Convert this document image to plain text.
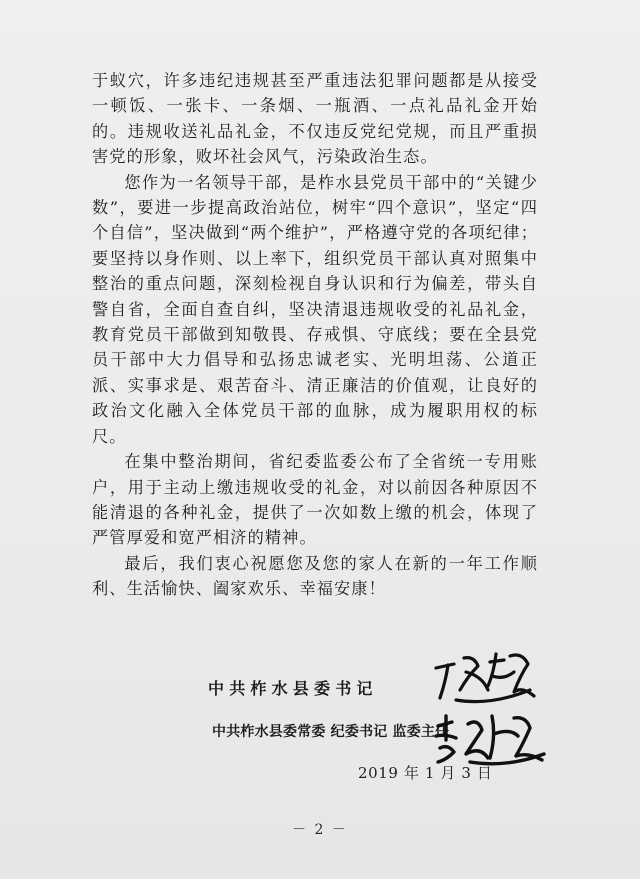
于蚁穴，许多违纪违规甚至严重违法犯罪问题都是从接受一顿饭、一张卡、一条烟、一瓶酒、一点礼品礼金开始的。违规收送礼品礼金，不仅违反党纪党规，而且严重损害党的形象，败坏社会风气，污染政治生态。

您作为一名领导干部，是柞水县党员干部中的“关键少数”，要进一步提高政治站位，树牢“四个意识”，坚定“四个自信”，坚决做到“两个维护”，严格遵守党的各项纪律；要坚持以身作则、以上率下，组织党员干部认真对照集中整治的重点问题，深刻检视自身认识和行为偏差，带头自警自省，全面自查自纠，坚决清退违规收受的礼品礼金，教育党员干部做到知敬畏、存戒惧、守底线；要在全县党员干部中大力倡导和弘扬忠诚老实、光明坦荡、公道正派、实事求是、艰苦奋斗、清正廉洁的价值观，让良好的政治文化融入全体党员干部的血脉，成为履职用权的标尺。

在集中整治期间，省纪委监委公布了全省统一专用账户，用于主动上缴违规收受的礼金，对以前因各种原因不能清退的各种礼金，提供了一次如数上缴的机会，体现了严管厚爱和宽严相济的精神。

最后，我们衷心祝愿您及您的家人在新的一年工作顺利、生活愉快、阖家欢乐、幸福安康！

中共柞水县委书记
中共柞水县委常委 纪委书记 监委主任
2019 年 1 月 3 日
－ 2 －
